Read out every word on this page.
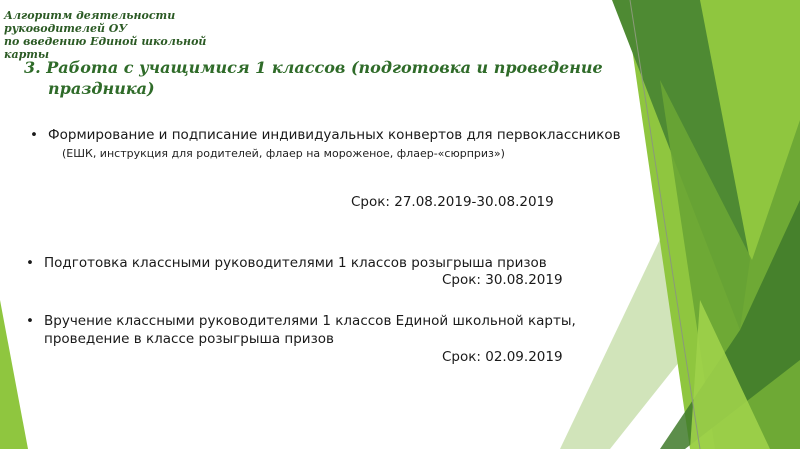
Алгоритм деятельности
руководителей ОУ
по введению Единой школьной
карты
3. Работа с учащимися 1 классов (подготовка и проведение
праздника)
• Формирование и подписание индивидуальных конвертов для первоклассников
(ЕШК, инструкция для родителей, флаер на мороженое, флаер-«сюрприз»)
Срок: 27.08.2019-30.08.2019
• Подготовка классными руководителями 1 классов розыгрыша призов
Срок: 30.08.2019
• Вручение классными руководителями 1 классов Единой школьной карты,
проведение в классе розыгрыша призов
Срок: 02.09.2019
